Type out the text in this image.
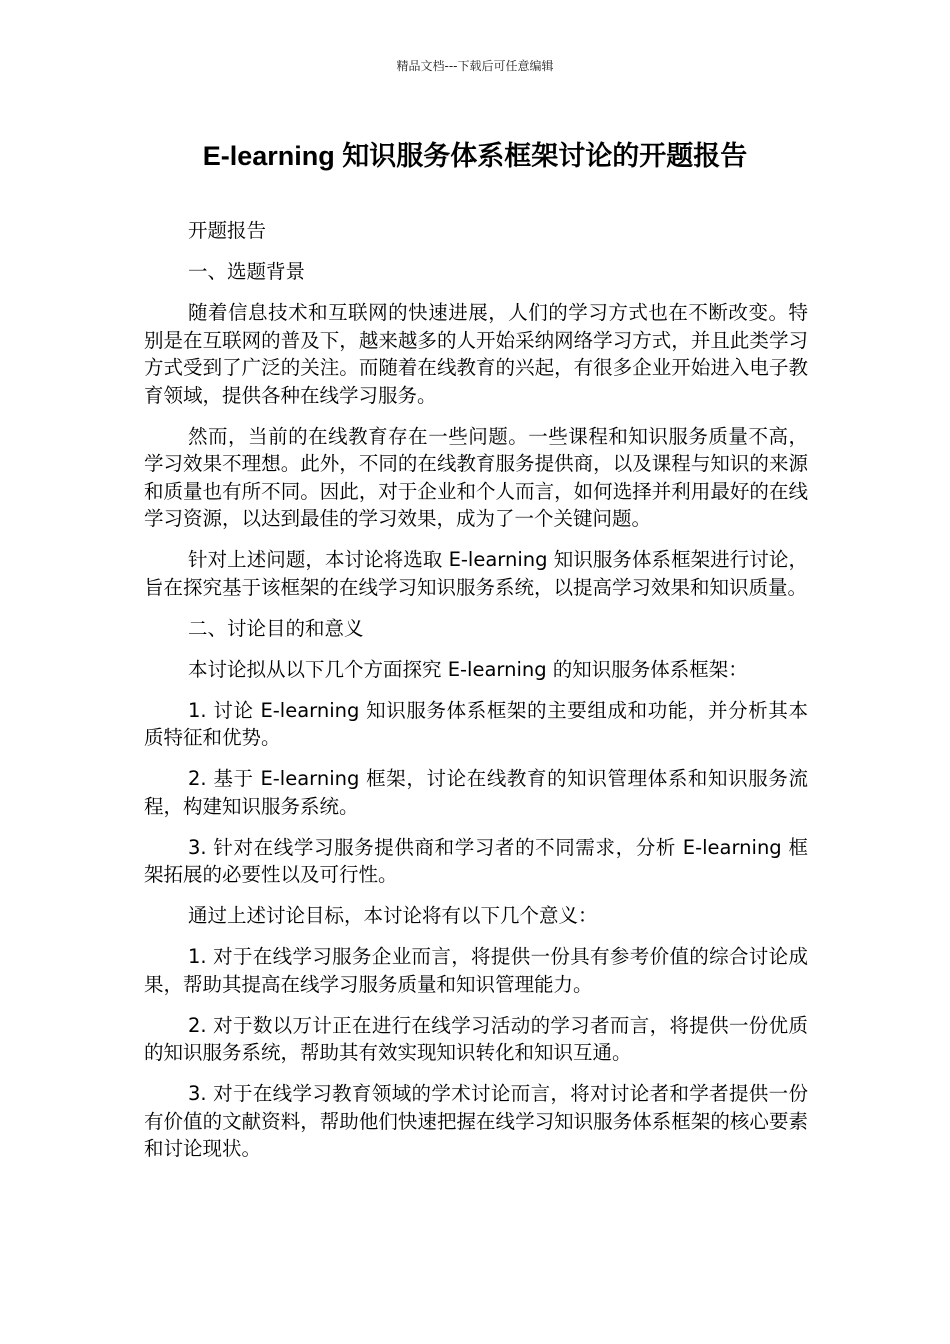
精品文档---下载后可任意编辑
E-learning 知识服务体系框架讨论的开题报告

开题报告

一、选题背景

随着信息技术和互联网的快速进展，人们的学习方式也在不断改变。特别是在互联网的普及下，越来越多的人开始采纳网络学习方式，并且此类学习方式受到了广泛的关注。而随着在线教育的兴起，有很多企业开始进入电子教育领域，提供各种在线学习服务。

然而，当前的在线教育存在一些问题。一些课程和知识服务质量不高，学习效果不理想。此外，不同的在线教育服务提供商，以及课程与知识的来源和质量也有所不同。因此，对于企业和个人而言，如何选择并利用最好的在线学习资源，以达到最佳的学习效果，成为了一个关键问题。

针对上述问题，本讨论将选取 E-learning 知识服务体系框架进行讨论，旨在探究基于该框架的在线学习知识服务系统，以提高学习效果和知识质量。

二、讨论目的和意义

本讨论拟从以下几个方面探究 E-learning 的知识服务体系框架：

1. 讨论 E-learning 知识服务体系框架的主要组成和功能，并分析其本质特征和优势。

2. 基于 E-learning 框架，讨论在线教育的知识管理体系和知识服务流程，构建知识服务系统。

3. 针对在线学习服务提供商和学习者的不同需求，分析 E-learning 框架拓展的必要性以及可行性。

通过上述讨论目标，本讨论将有以下几个意义：

1. 对于在线学习服务企业而言，将提供一份具有参考价值的综合讨论成果，帮助其提高在线学习服务质量和知识管理能力。

2. 对于数以万计正在进行在线学习活动的学习者而言，将提供一份优质的知识服务系统，帮助其有效实现知识转化和知识互通。

3. 对于在线学习教育领域的学术讨论而言，将对讨论者和学者提供一份有价值的文献资料，帮助他们快速把握在线学习知识服务体系框架的核心要素和讨论现状。
